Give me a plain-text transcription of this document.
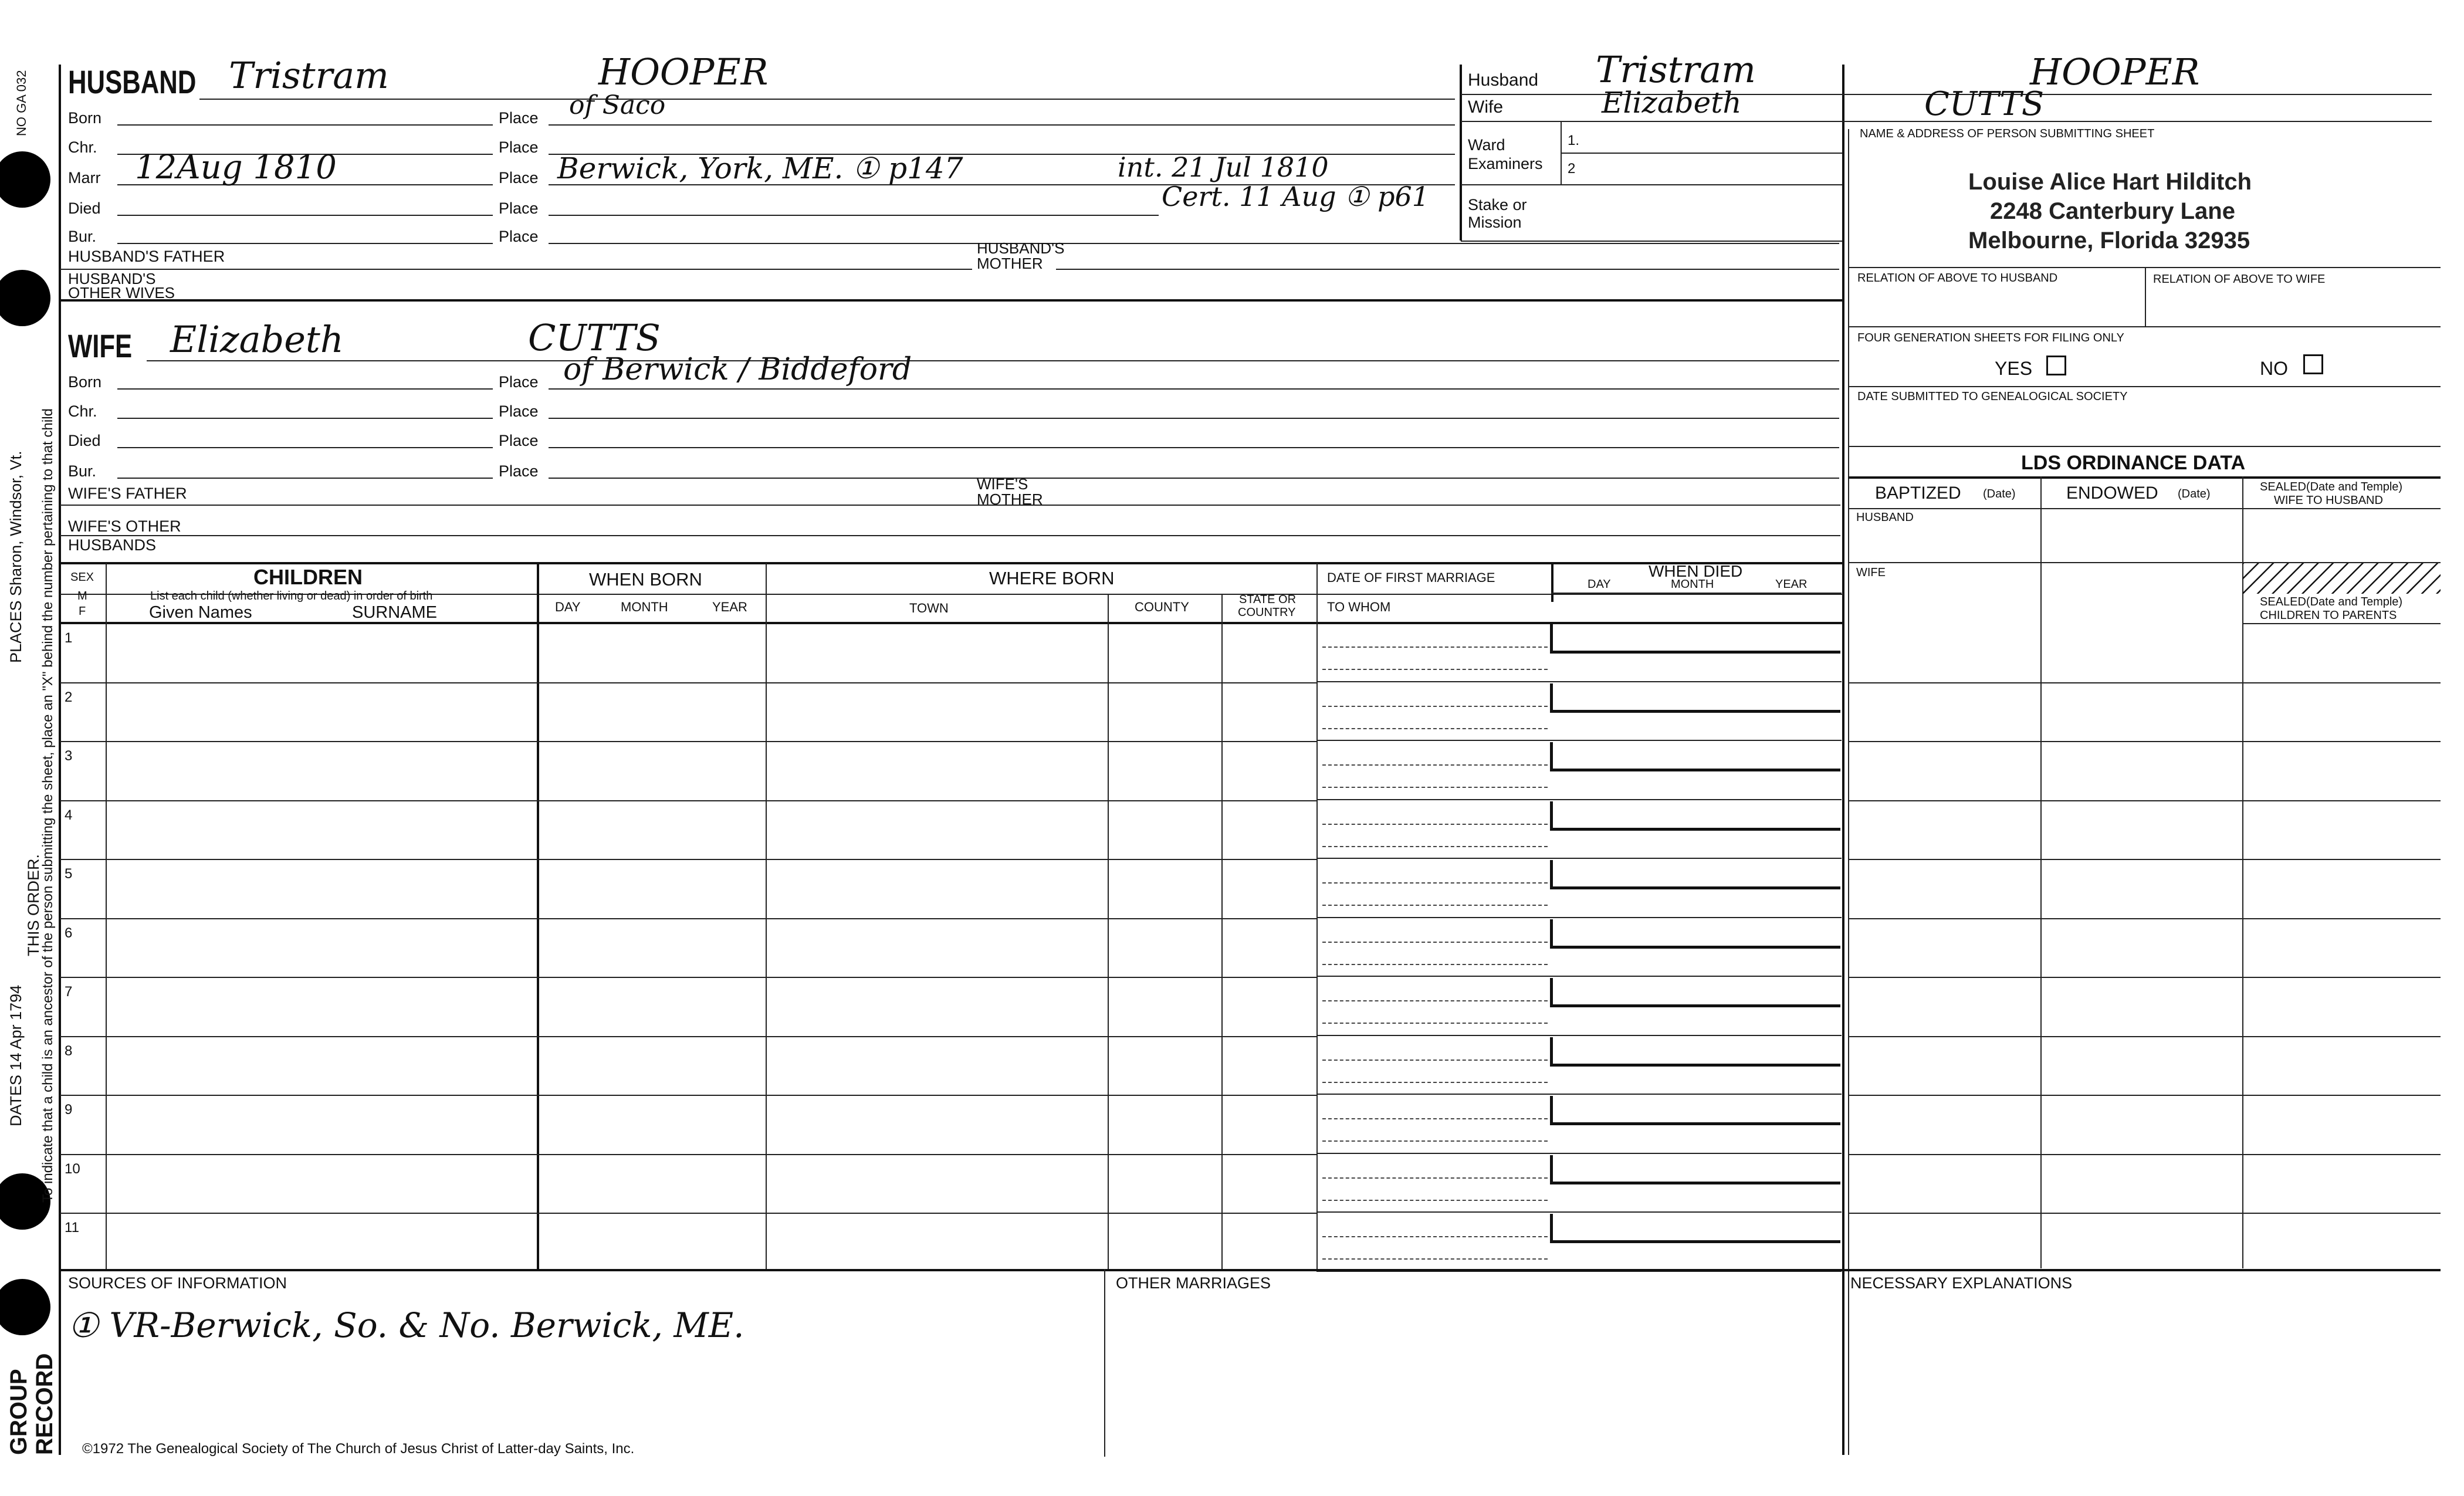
NO GA 032
PLACES Sharon, Windsor, Vt. To indicate that a child is an ancestor of the person submitting the sheet, place an "X" behind the number pertaining to that child
DATES 14 Apr 1794
THIS ORDER.
GROUP RECORD
HUSBAND Tristram	HOOPER
Born	Place of Saco
Chr.	Place
Marr 12Aug 1810	Place Berwick, York, ME. ① p147	int. 21 Jul 1810
Cert. 11 Aug ① p61
Died	Place
Bur.	Place
HUSBAND'S FATHER	HUSBAND'S
MOTHER
HUSBAND'S
OTHER WIVES
WIFE Elizabeth	CUTTS
Born	Place of Berwick / Biddeford
Chr.	Place
Died	Place
Bur.	Place
WIFE'S FATHER
WIFE'S
MOTHER
WIFE'S OTHER
HUSBANDS
Husband Tristram	HOOPER
Wife	Elizabeth	CUTTS
Ward
Examiners
1.
2
Stake or
Mission
NAME & ADDRESS OF PERSON SUBMITTING SHEET
Louise Alice Hart Hilditch
2248 Canterbury Lane
Melbourne, Florida 32935
RELATION OF ABOVE TO HUSBAND	RELATION OF ABOVE TO WIFE
FOUR GENERATION SHEETS FOR FILING ONLY
YES	NO
DATE SUBMITTED TO GENEALOGICAL SOCIETY
LDS ORDINANCE DATA
BAPTIZED (Date)	ENDOWED (Date)
SEALED(Date and Temple)
WIFE TO HUSBAND
HUSBAND
WIFE
SEALED(Date and Temple)
CHILDREN TO PARENTS
SEX
M
F
CHILDREN
List each child (whether living or dead) in order of birth
Given Names	SURNAME
WHEN BORN
DAY	MONTH	YEAR
WHERE BORN
TOWN	COUNTY	STATE OR
COUNTRY
DATE OF FIRST MARRIAGE
TO WHOM
WHEN DIED
DAY	MONTH	YEAR
1
2
3
4
5
6
7
8
9
10
11
SOURCES OF INFORMATION
① VR-Berwick, So. & No. Berwick, ME.
OTHER MARRIAGES	NECESSARY EXPLANATIONS
©1972 The Genealogical Society of The Church of Jesus Christ of Latter-day Saints, Inc.
